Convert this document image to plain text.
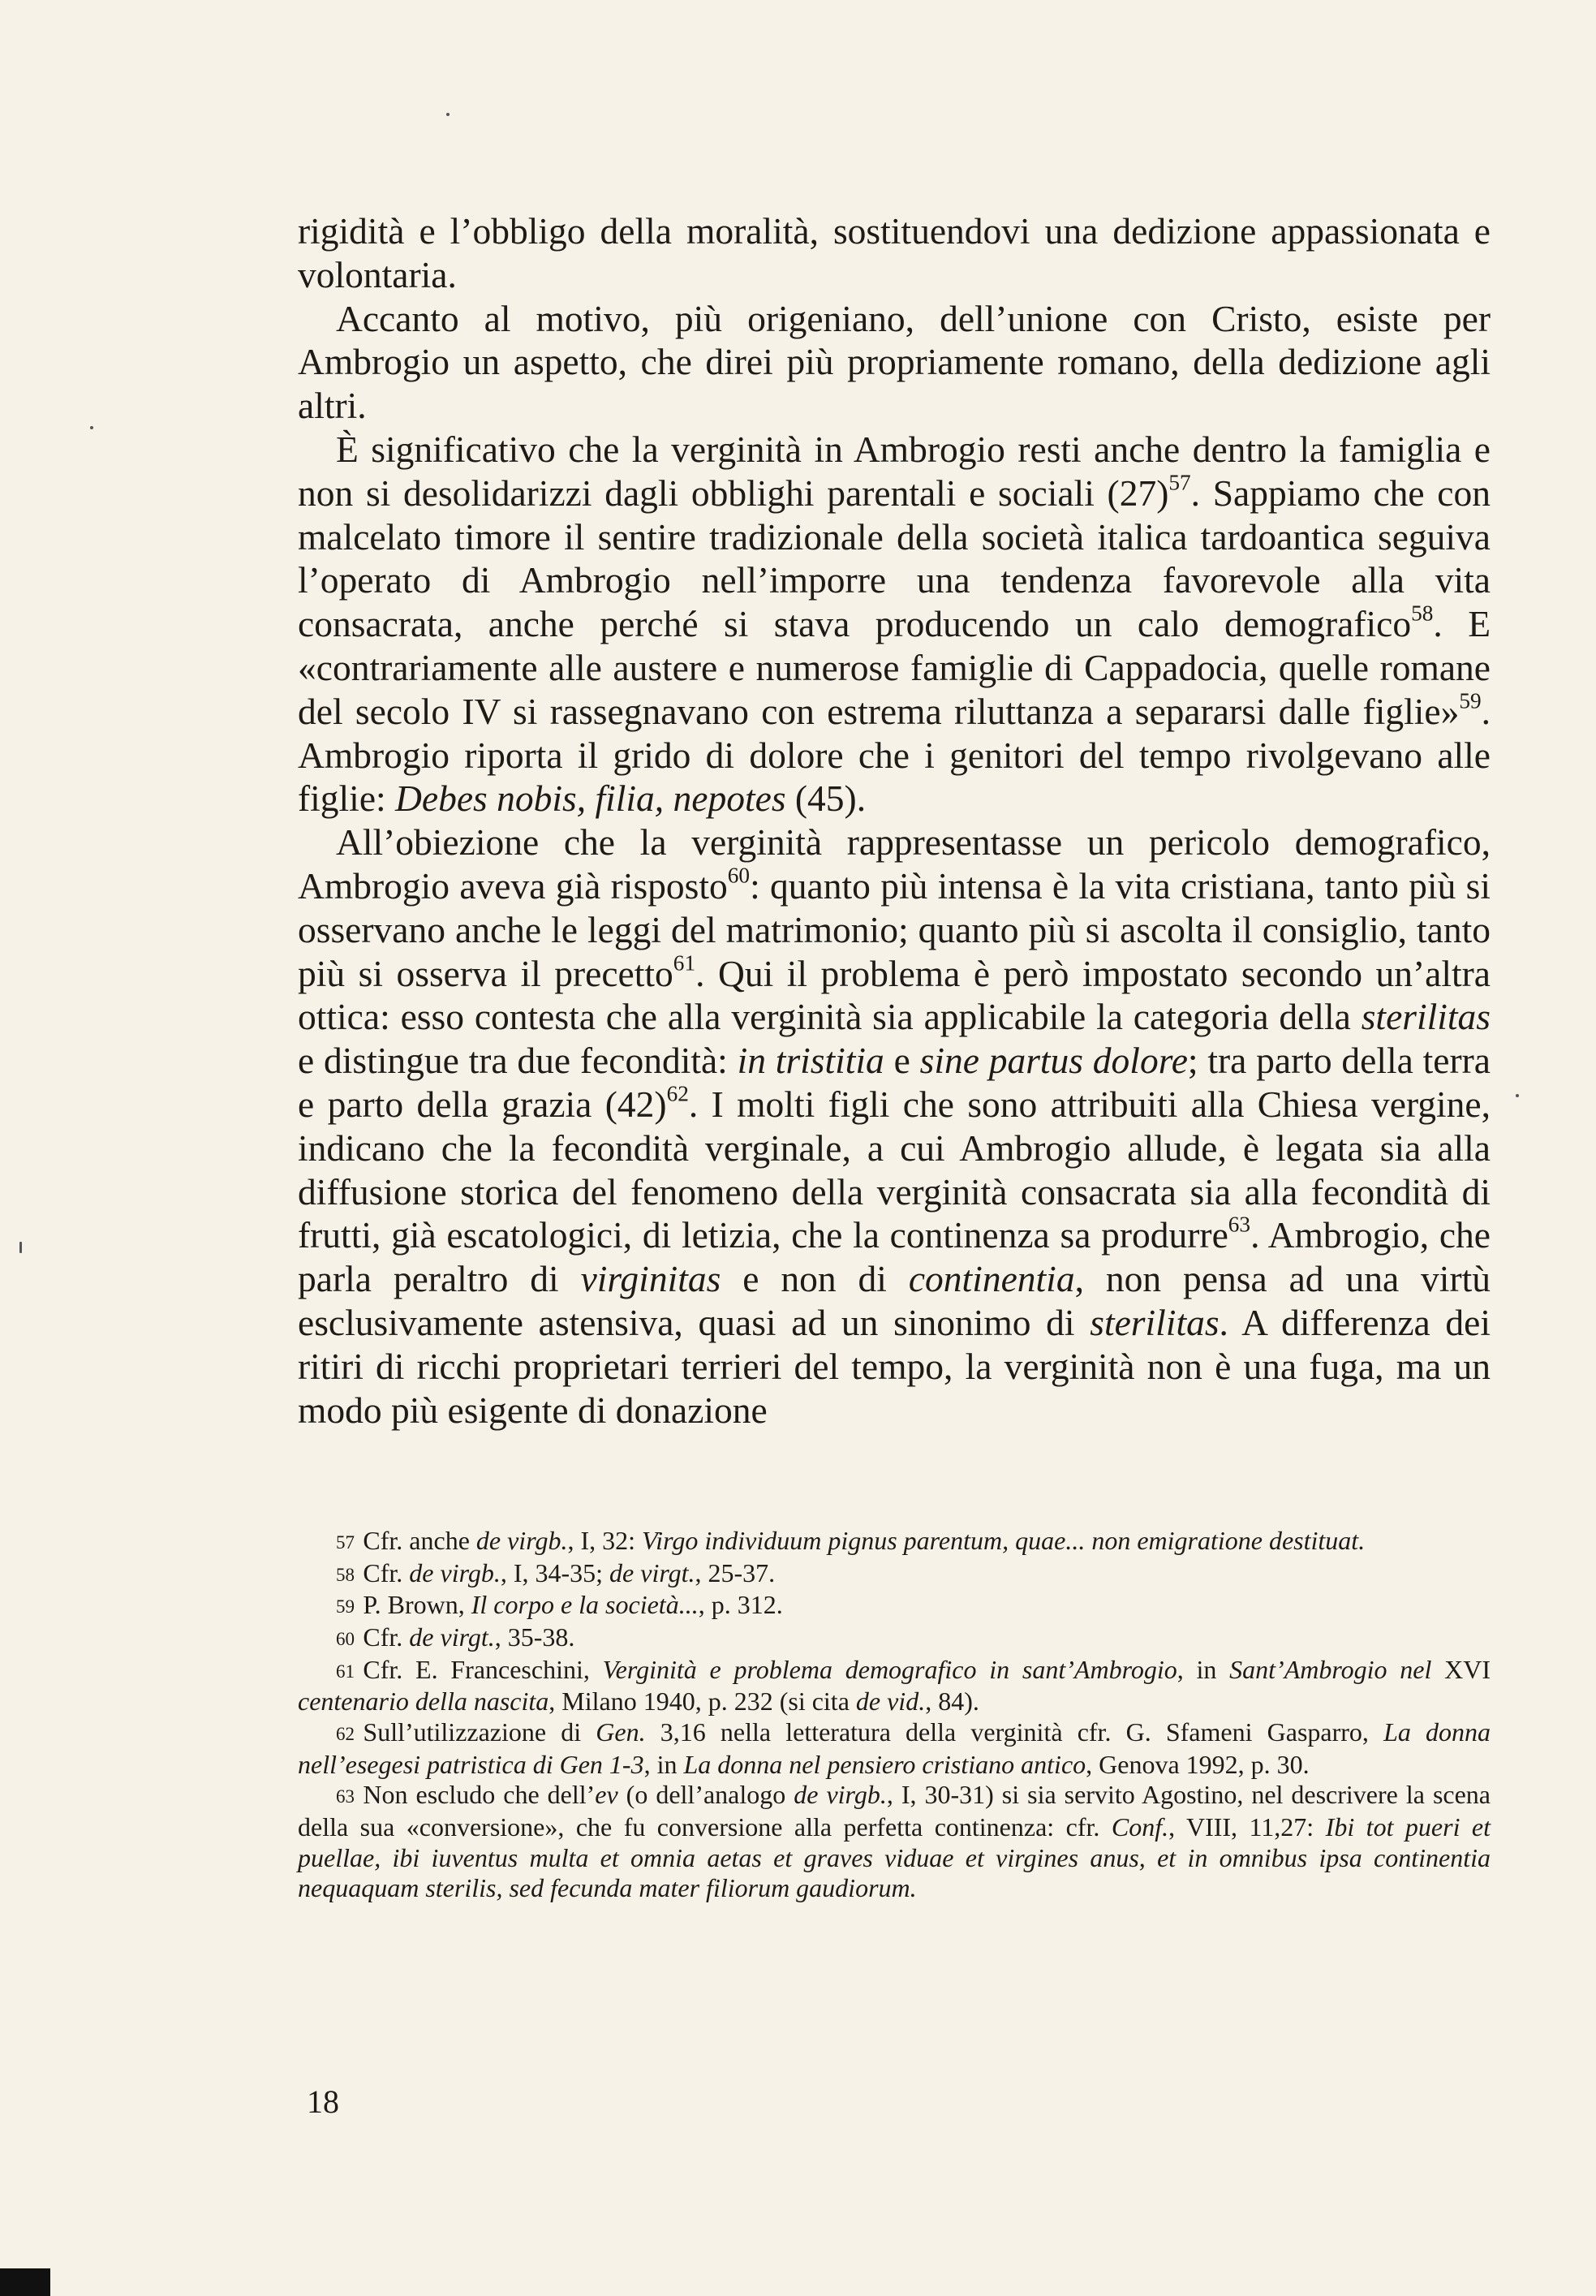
rigidità e l’obbligo della moralità, sostituendovi una dedizione appassionata e volontaria.

Accanto al motivo, più origeniano, dell’unione con Cristo, esiste per Ambrogio un aspetto, che direi più propriamente romano, della dedizione agli altri.

È significativo che la verginità in Ambrogio resti anche dentro la famiglia e non si desolidarizzi dagli obblighi parentali e sociali $(27)^{57}$. Sappiamo che con malcelato timore il sentire tradizionale della società italica tardoantica seguiva l’operato di Ambrogio nell’imporre una tendenza favorevole alla vita consacrata, anche perché si stava producendo un calo demografico$^{58}$. E «contrariamente alle austere e numerose famiglie di Cappadocia, quelle romane del secolo IV si rassegnavano con estrema riluttanza a separarsi dalle figlie»$^{59}$. Ambrogio riporta il grido di dolore che i genitori del tempo rivolgevano alle figlie: Debes nobis, filia, nepotes (45).

All’obiezione che la verginità rappresentasse un pericolo demografico, Ambrogio aveva già risposto$^{60}$: quanto più intensa è la vita cristiana, tanto più si osservano anche le leggi del matrimonio; quanto più si ascolta il consiglio, tanto più si osserva il precetto$^{61}$. Qui il problema è però impostato secondo un’altra ottica: esso contesta che alla verginità sia applicabile la categoria della sterilitas e distingue tra due fecondità: in tristitia e sine partus dolore; tra parto della terra e parto della grazia $(42)^{62}$. I molti figli che sono attribuiti alla Chiesa vergine, indicano che la fecondità verginale, a cui Ambrogio allude, è legata sia alla diffusione storica del fenomeno della verginità consacrata sia alla fecondità di frutti, già escatologici, di letizia, che la continenza sa produrre$^{63}$. Ambrogio, che parla peraltro di virginitas e non di continentia, non pensa ad una virtù esclusivamente astensiva, quasi ad un sinonimo di sterilitas. A differenza dei ritiri di ricchi proprietari terrieri del tempo, la verginità non è una fuga, ma un modo più esigente di donazione

57 Cfr. anche de virgb., I, 32: Virgo individuum pignus parentum, quae... non emigratione destituat.

58 Cfr. de virgb., I, 34-35; de virgt., 25-37.

59 P. Brown, Il corpo e la società..., p. 312.

60 Cfr. de virgt., 35-38.

61 Cfr. E. Franceschini, Verginità e problema demografico in sant’Ambrogio, in Sant’Ambrogio nel XVI centenario della nascita, Milano 1940, p. 232 (si cita de vid., 84).

62 Sull’utilizzazione di Gen. 3,16 nella letteratura della verginità cfr. G. Sfameni Gasparro, La donna nell’esegesi patristica di Gen 1-3, in La donna nel pensiero cristiano antico, Genova 1992, p. 30.

63 Non escludo che dell’ev (o dell’analogo de virgb., I, 30-31) si sia servito Agostino, nel descrivere la scena della sua «conversione», che fu conversione alla perfetta continenza: cfr. Conf., VIII, 11,27: Ibi tot pueri et puellae, ibi iuventus multa et omnia aetas et graves viduae et virgines anus, et in omnibus ipsa continentia nequaquam sterilis, sed fecunda mater filiorum gaudiorum.

18
